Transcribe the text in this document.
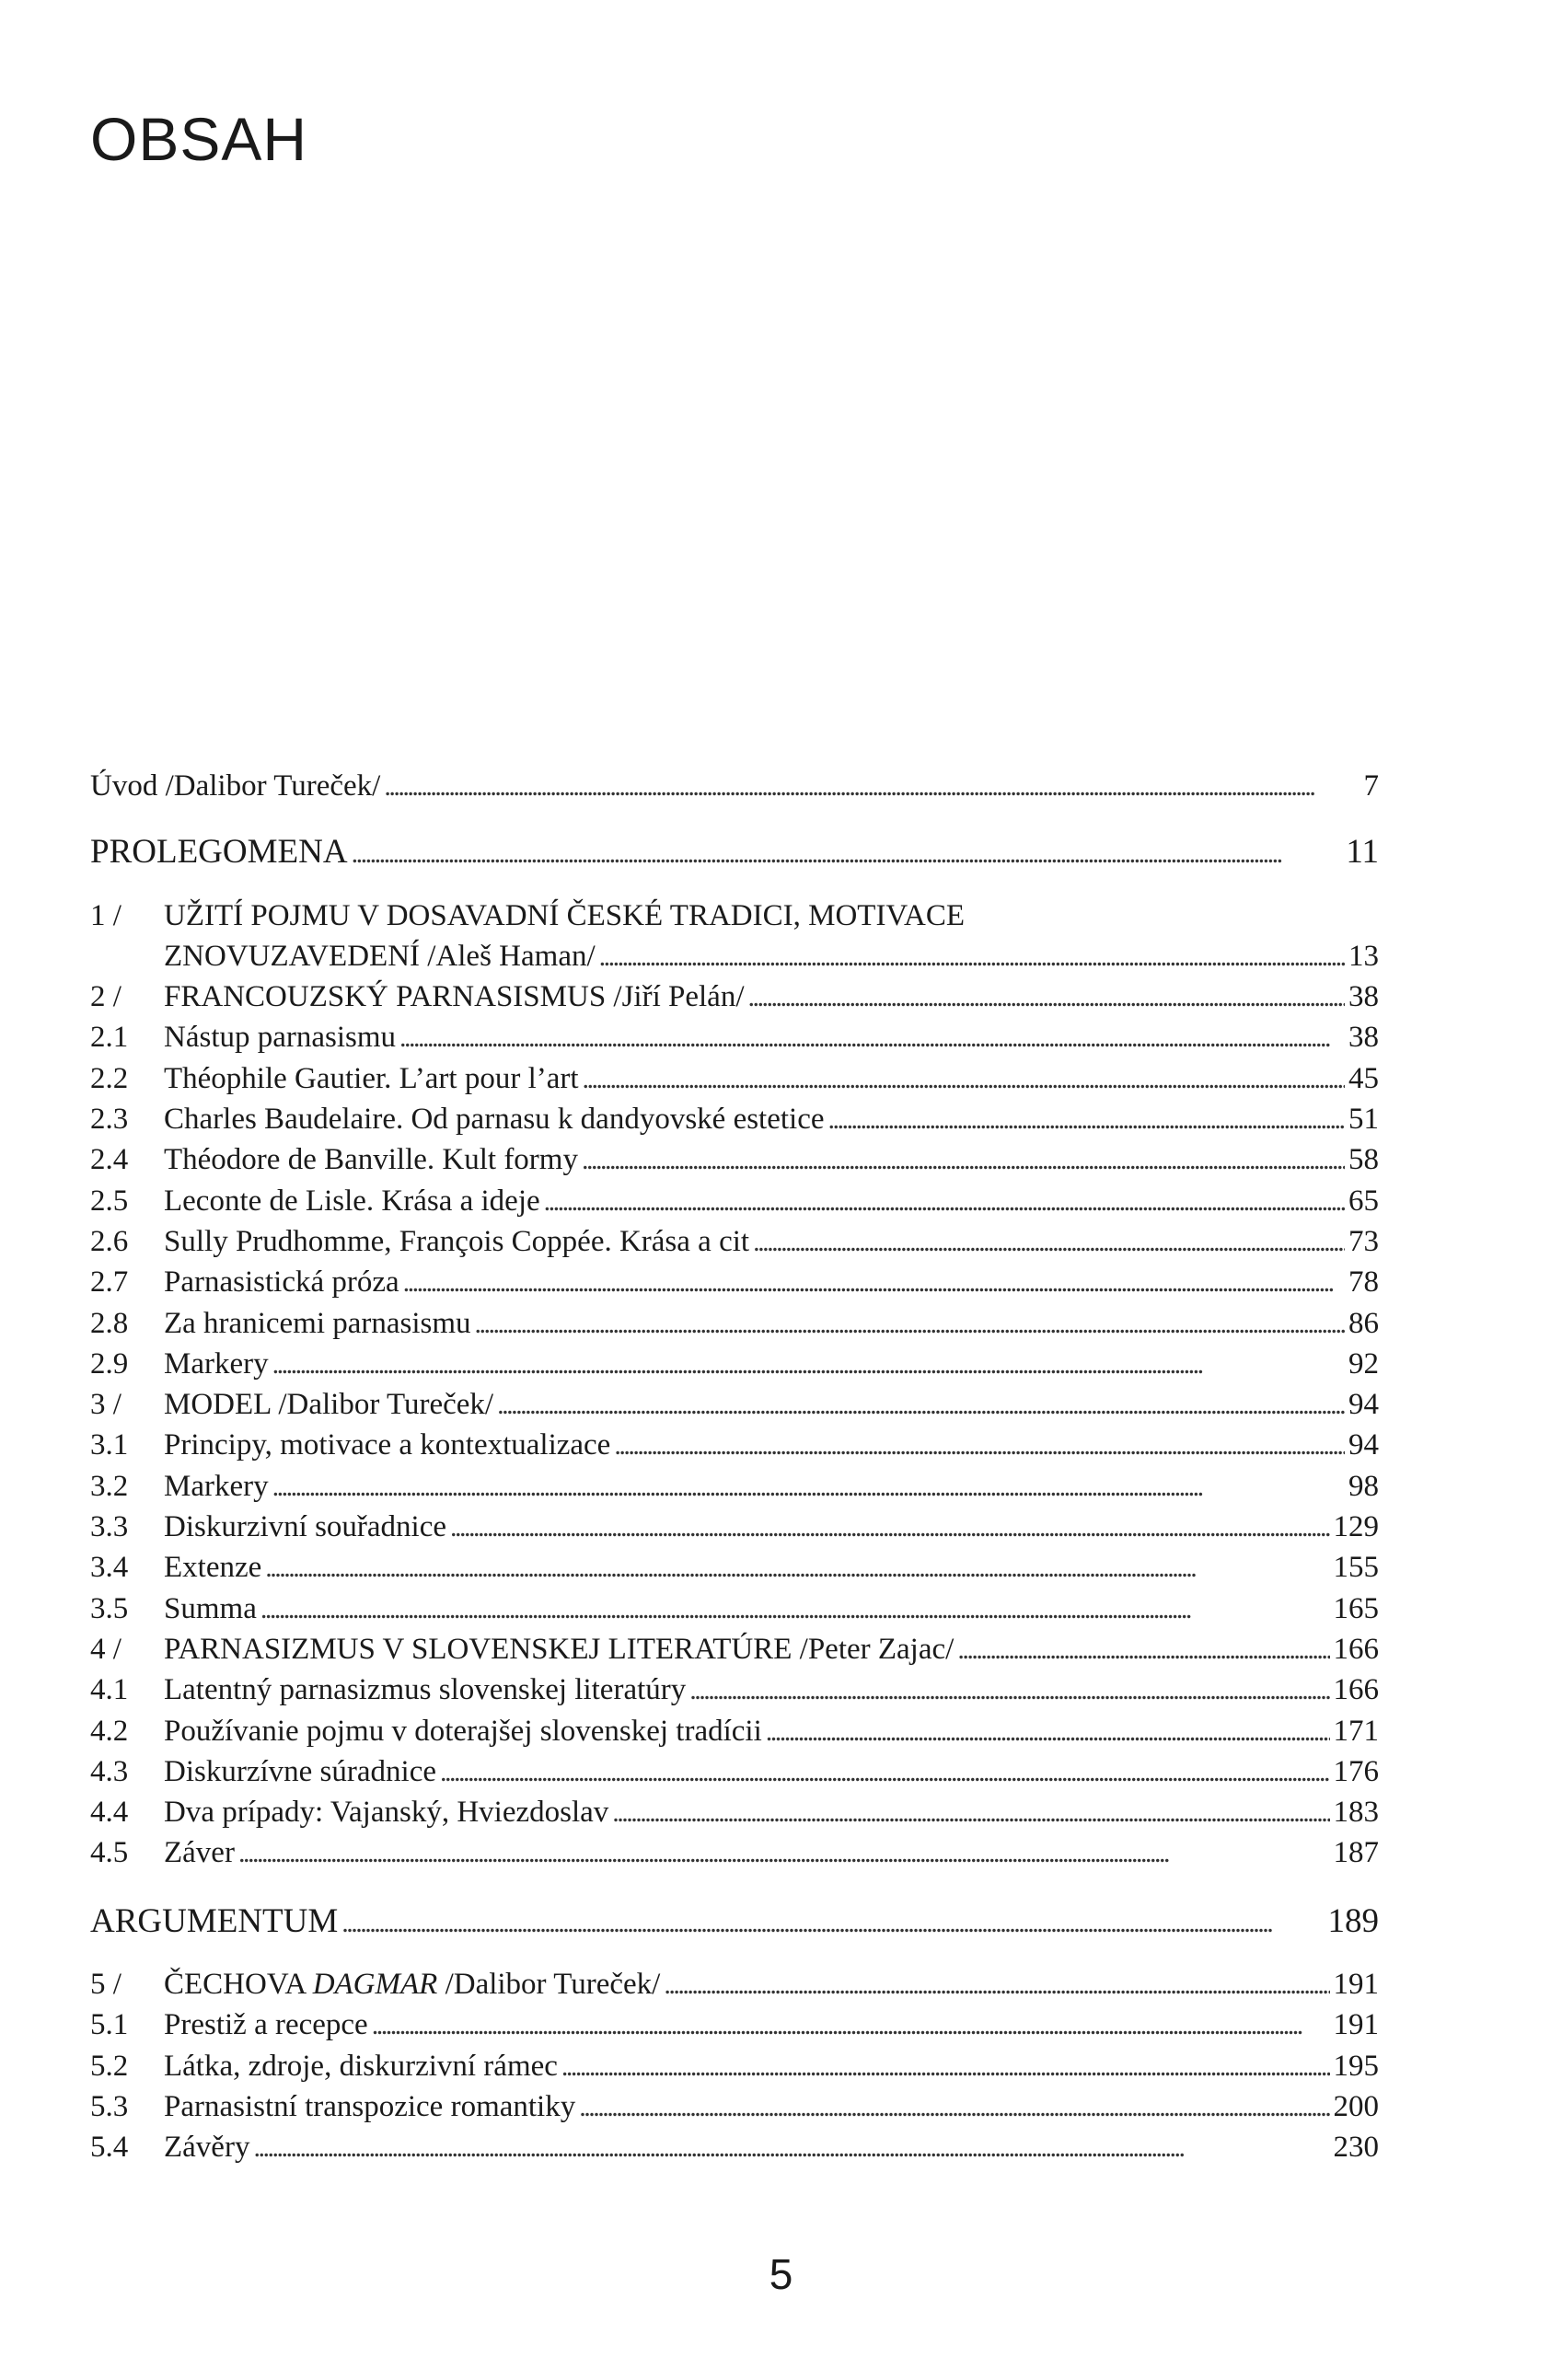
OBSAH
Úvod /Dalibor Tureček/ . . .	7
PROLEGOMENA . . .	11
1 /	UŽITÍ POJMU V DOSAVADNÍ ČESKÉ TRADICI, MOTIVACE
ZNOVUZAVEDENÍ /Aleš Haman/ . . .	13
2 /	FRANCOUZSKÝ PARNASISMUS /Jiří Pelán/ . . .	38
2.1	Nástup parnasismu . . .	38
2.2	Théophile Gautier. L’art pour l’art . . .	45
2.3	Charles Baudelaire. Od parnasu k dandyovské estetice . . .	51
2.4	Théodore de Banville. Kult formy . . .	58
2.5	Leconte de Lisle. Krása a ideje . . .	65
2.6	Sully Prudhomme, François Coppée. Krása a cit . . .	73
2.7	Parnasistická próza . . .	78
2.8	Za hranicemi parnasismu . . .	86
2.9	Markery . . .	92
3 /	MODEL /Dalibor Tureček/ . . .	94
3.1	Principy, motivace a kontextualizace . . .	94
3.2	Markery . . .	98
3.3	Diskurzivní souřadnice . . .	129
3.4	Extenze . . .	155
3.5	Summa . . .	165
4 /	PARNASIZMUS V SLOVENSKEJ LITERATÚRE /Peter Zajac/ . . .	166
4.1	Latentný parnasizmus slovenskej literatúry . . .	166
4.2	Používanie pojmu v doterajšej slovenskej tradícii . . .	171
4.3	Diskurzívne súradnice . . .	176
4.4	Dva prípady: Vajanský, Hviezdoslav . . .	183
4.5	Záver . . .	187
ARGUMENTUM . . .	189
5 /	ČECHOVA DAGMAR /Dalibor Tureček/ . . .	191
5.1	Prestiž a recepce . . .	191
5.2	Látka, zdroje, diskurzivní rámec . . .	195
5.3	Parnasistní transpozice romantiky . . .	200
5.4	Závěry . . .	230
5
